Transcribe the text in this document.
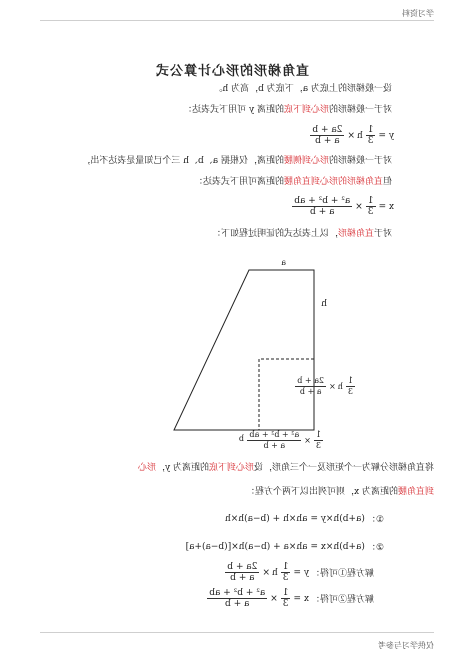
学习资料
直角梯形的形心计算公式
设一般梯形的上底为 a，下底为 b，高为 h。
对于一般梯形的形心到下底的距离 y 可用下式表达：
y =
$\frac{1}{3}$
h
×
$\frac{2a + b}{a + b}$
对于一般梯形的形心到侧腰的距离，仅根据 a、b、h 三个已知量是表达不出，
但直角梯形的形心到直角腰的距离可用下式表达：
x =
$\frac{1}{3}$
×
$\frac{\text{a² + b² + ab}}{a + b}$
对于直角梯形，以上表达式的证明过程如下：
a
b
h
$\frac{1}{3}$
h
×
$\frac{2a + b}{a + b}$
$\frac{1}{3}$
×
$\frac{\text{a² + b² + ab}}{a + b}$
将直角梯形分解为一个矩形及一个三角形，设形心到下底的距离为 y，形心
到直角腰的距离为 x，则可列出以下两个方程：
①：
(a+b)h×y = ah×h + (b−a)h×h
②：
(a+b)h×x = ah×a + (b−a)h×[(b−a)+a]
解方程①可得：
y =
$\frac{1}{3}$
h
×
$\frac{2a + b}{a + b}$
解方程②可得：
x =
$\frac{1}{3}$
×
$\frac{\text{a² + b² + ab}}{a + b}$
仅供学习与参考
